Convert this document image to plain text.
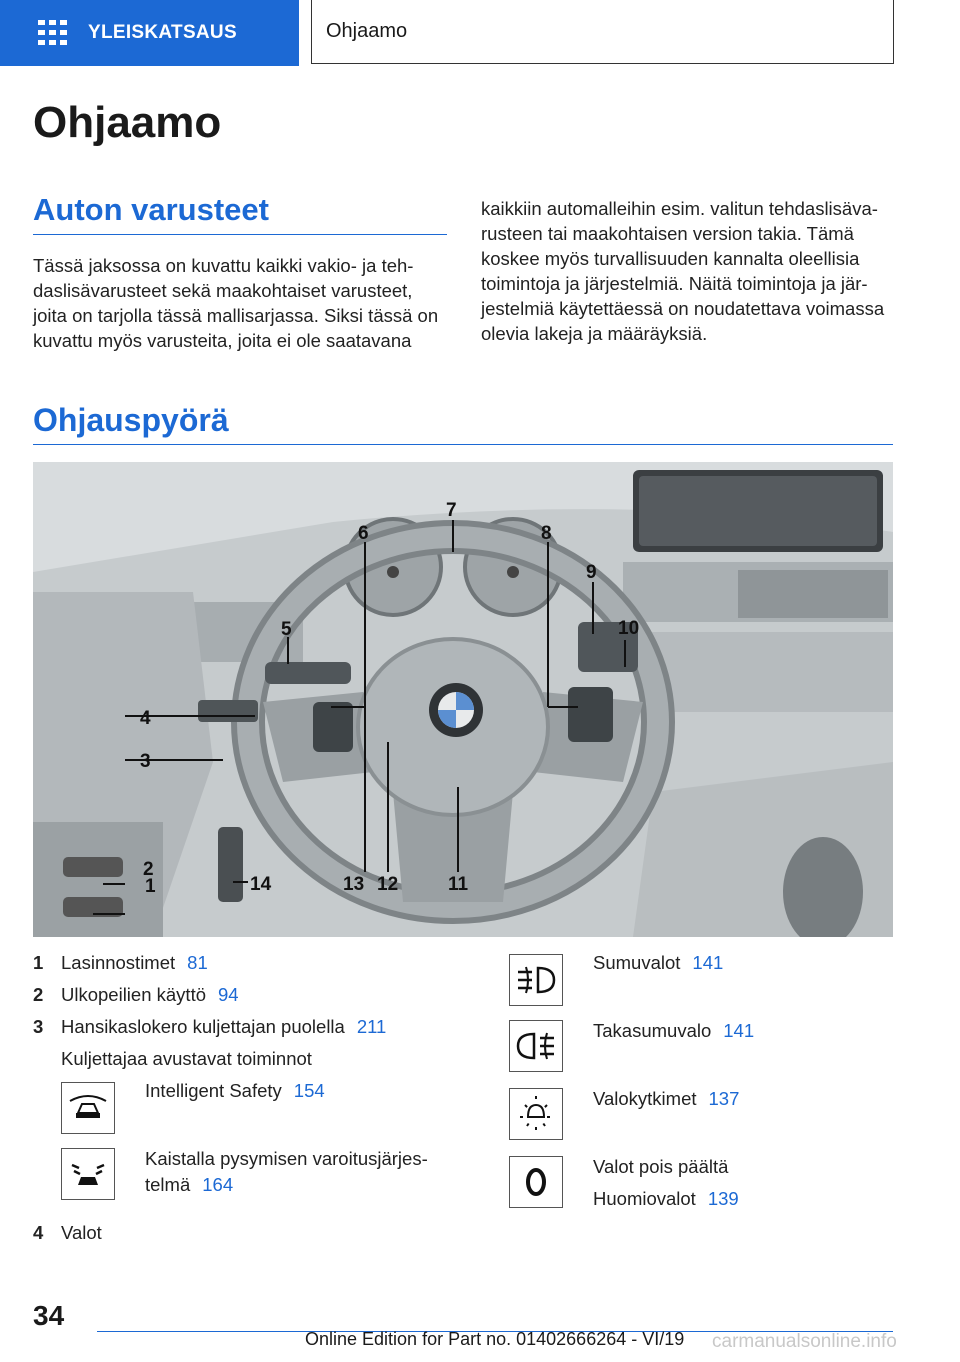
YLEISKATSAUS	Ohjaamo
Ohjaamo
Auton varusteet
Tässä jaksossa on kuvattu kaikki vakio- ja teh-
daslisävarusteet sekä maakohtaiset varusteet,
joita on tarjolla tässä mallisarjassa. Siksi tässä on
kuvattu myös varusteita, joita ei ole saatavana
kaikkiin automalleihin esim. valitun tehdaslisäva-
rusteen tai maakohtaisen version takia. Tämä
koskee myös turvallisuuden kannalta oleellisia
toimintoja ja järjestelmiä. Näitä toimintoja ja jär-
jestelmiä käytettäessä on noudatettava voimassa
olevia lakeja ja määräyksiä.
Ohjauspyörä
1
2
3
4
5
6
7
8
9
10
11
12
13
14
1 Lasinnostimet 81
2 Ulkopeilien käyttö 94
3 Hansikaslokero kuljettajan puolella 211
Kuljettajaa avustavat toiminnot
Intelligent Safety 154
Kaistalla pysymisen varoitusjärjes-
telmä 164
4 Valot
Sumuvalot 141
Takasumuvalo 141
Valokytkimet 137
Valot pois päältä
Huomiovalot 139
34
Online Edition for Part no. 01402666264 - VI/19 carmanualsonline.info
